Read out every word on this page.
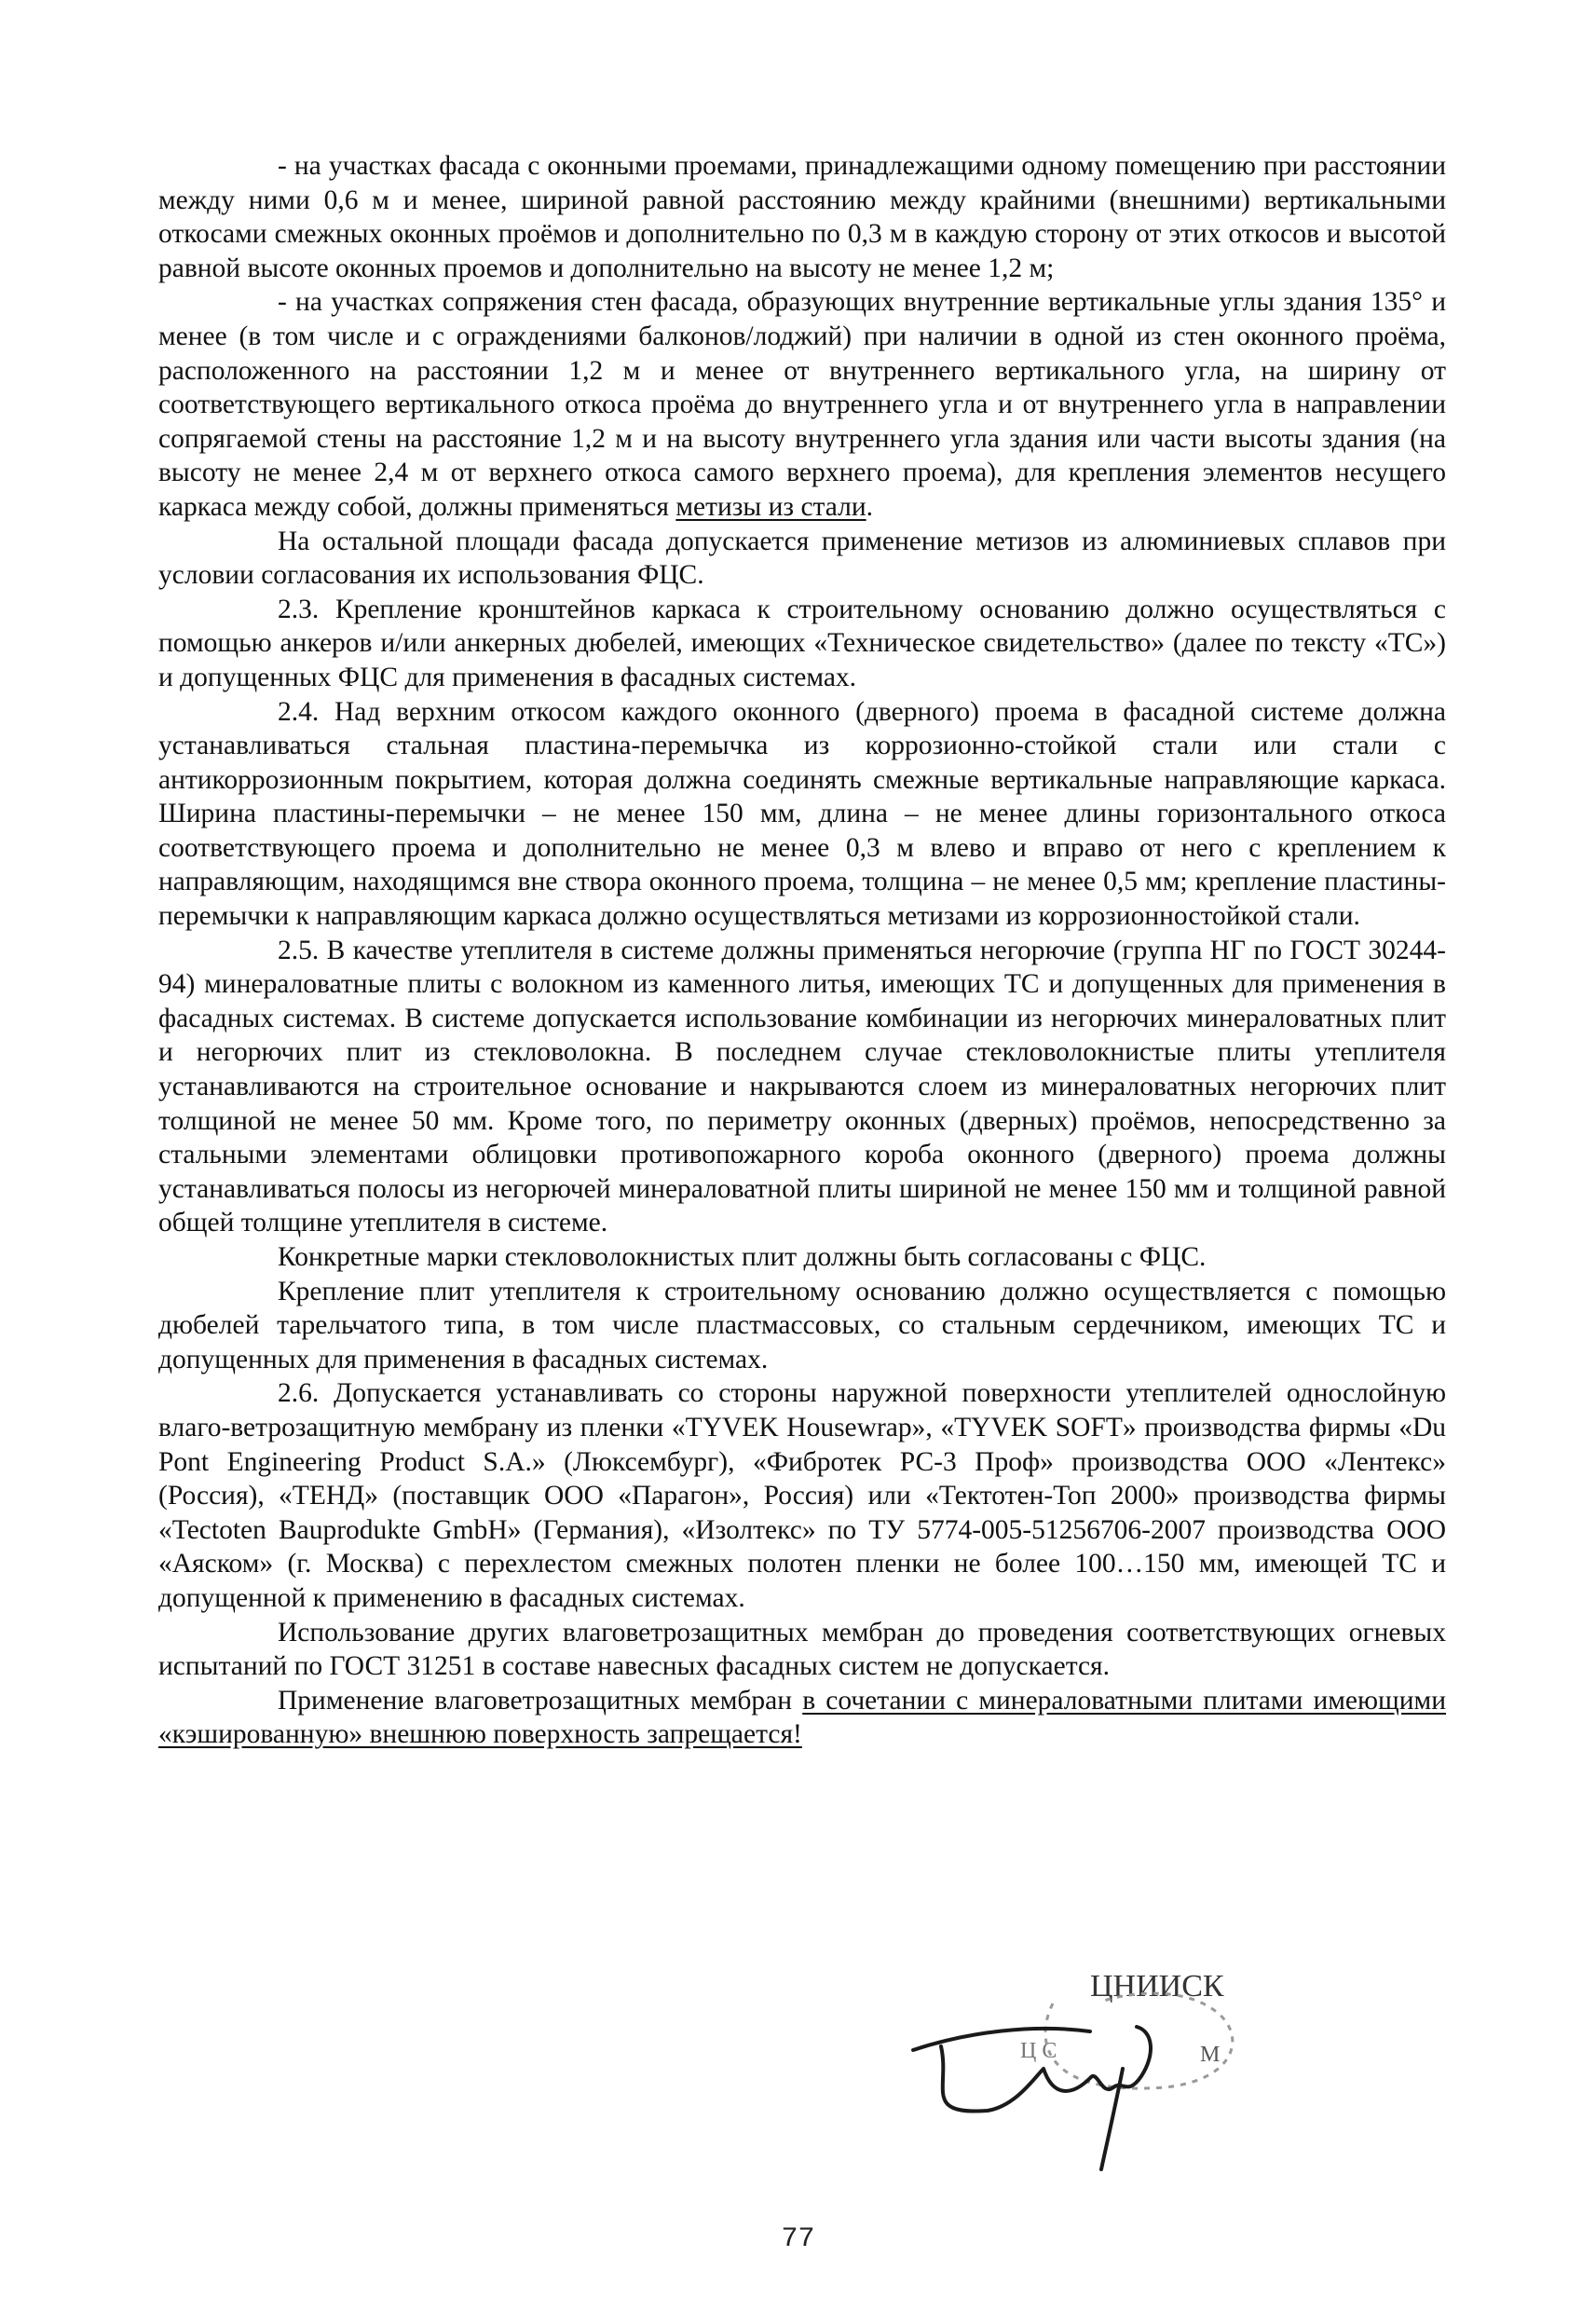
- на участках фасада с оконными проемами, принадлежащими одному помещению при расстоянии между ними 0,6 м и менее, шириной равной расстоянию между крайними (внешними) вертикальными откосами смежных оконных проёмов и дополнительно по 0,3 м в каждую сторону от этих откосов и высотой равной высоте оконных проемов и дополнительно на высоту не менее 1,2 м;

- на участках сопряжения стен фасада, образующих внутренние вертикальные углы здания 135° и менее (в том числе и с ограждениями балконов/лоджий) при наличии в одной из стен оконного проёма, расположенного на расстоянии 1,2 м и менее от внутреннего вертикального угла, на ширину от соответствующего вертикального откоса проёма до внутреннего угла и от внутреннего угла в направлении сопрягаемой стены на расстояние 1,2 м и на высоту внутреннего угла здания или части высоты здания (на высоту не менее 2,4 м от верхнего откоса самого верхнего проема), для крепления элементов несущего каркаса между собой, должны применяться метизы из стали.

На остальной площади фасада допускается применение метизов из алюминиевых сплавов при условии согласования их использования ФЦС.

2.3. Крепление кронштейнов каркаса к строительному основанию должно осуществляться с помощью анкеров и/или анкерных дюбелей, имеющих «Техническое свидетельство» (далее по тексту «ТС») и допущенных ФЦС для применения в фасадных системах.

2.4. Над верхним откосом каждого оконного (дверного) проема в фасадной системе должна устанавливаться стальная пластина-перемычка из коррозионно-стойкой стали или стали с антикоррозионным покрытием, которая должна соединять смежные вертикальные направляющие каркаса. Ширина пластины-перемычки – не менее 150 мм, длина – не менее длины горизонтального откоса соответствующего проема и дополнительно не менее 0,3 м влево и вправо от него с креплением к направляющим, находящимся вне створа оконного проема, толщина – не менее 0,5 мм; крепление пластины-перемычки к направляющим каркаса должно осуществляться метизами из коррозионностойкой стали.

2.5. В качестве утеплителя в системе должны применяться негорючие (группа НГ по ГОСТ 30244-94) минераловатные плиты с волокном из каменного литья, имеющих ТС и допущенных для применения в фасадных системах. В системе допускается использование комбинации из негорючих минераловатных плит и негорючих плит из стекловолокна. В последнем случае стекловолокнистые плиты утеплителя устанавливаются на строительное основание и накрываются слоем из минераловатных негорючих плит толщиной не менее 50 мм. Кроме того, по периметру оконных (дверных) проёмов, непосредственно за стальными элементами облицовки противопожарного короба оконного (дверного) проема должны устанавливаться полосы из негорючей минераловатной плиты шириной не менее 150 мм и толщиной равной общей толщине утеплителя в системе.

Конкретные марки стекловолокнистых плит должны быть согласованы с ФЦС.

Крепление плит утеплителя к строительному основанию должно осуществляется с помощью дюбелей тарельчатого типа, в том числе пластмассовых, со стальным сердечником, имеющих ТС и допущенных для применения в фасадных системах.

2.6. Допускается устанавливать со стороны наружной поверхности утеплителей однослойную влаго-ветрозащитную мембрану из пленки «TYVEK Housewrap», «TYVEK SOFT» производства фирмы «Du Pont Engineering Product S.A.» (Люксембург), «Фибротек РС-3 Проф» производства ООО «Лентекс» (Россия), «ТЕНД» (поставщик ООО «Парагон», Россия) или «Тектотен-Топ 2000» производства фирмы «Tectoten Bauprodukte GmbH» (Германия), «Изолтекс» по ТУ 5774-005-51256706-2007 производства ООО «Аяском» (г. Москва) с перехлестом смежных полотен пленки не более 100…150 мм, имеющей ТС и допущенной к применению в фасадных системах.

Использование других влаговетрозащитных мембран до проведения соответствующих огневых испытаний по ГОСТ 31251 в составе навесных фасадных систем не допускается.

Применение влаговетрозащитных мембран в сочетании с минераловатными плитами имеющими «кэшированную» внешнюю поверхность запрещается!

ЦНИИСК
Ц С	М
77
